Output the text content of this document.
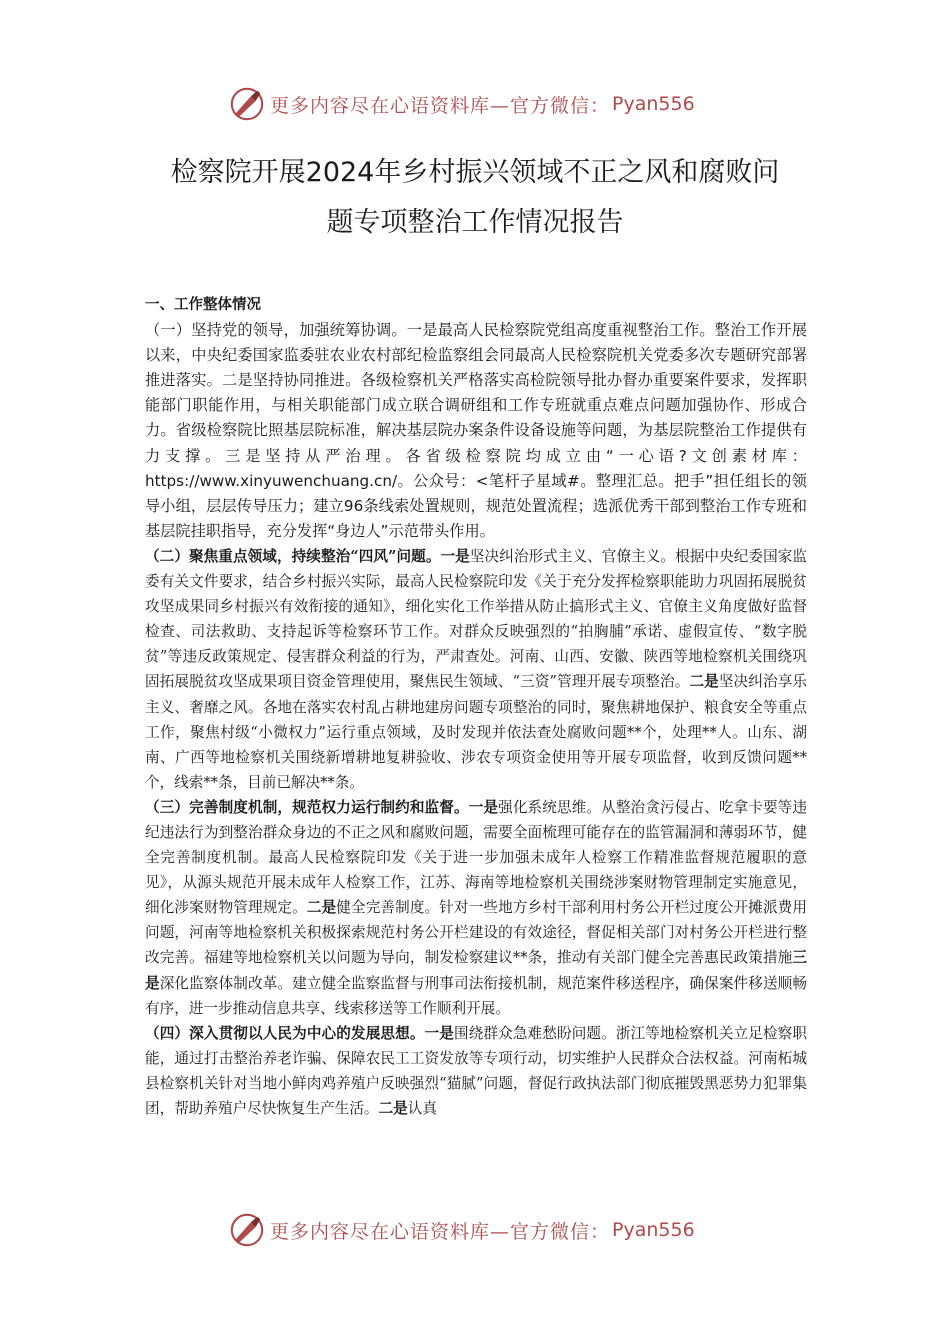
更多内容尽在心语资料库—官方微信： Pyan556
检察院开展2024年乡村振兴领域不正之风和腐败问
题专项整治工作情况报告

一、工作整体情况

（一）坚持党的领导，加强统筹协调。一是最高人民检察院党组高度重视整治工作。整治工作开展以来，中央纪委国家监委驻农业农村部纪检监察组会同最高人民检察院机关党委多次专题研究部署推进落实。二是坚持协同推进。各级检察机关严格落实高检院领导批办督办重要案件要求，发挥职能部门职能作用，与相关职能部门成立联合调研组和工作专班就重点难点问题加强协作、形成合力。省级检察院比照基层院标准，解决基层院办案条件设备设施等问题，为基层院整治工作提供有力支撑。三是坚持从严治理。各省级检察院均成立由“一心语?文创素材库：https://www.xinyuwenchuang.cn/。公众号：<笔杆子星域#。整理汇总。把手”担任组长的领导小组，层层传导压力；建立96条线索处置规则，规范处置流程；选派优秀干部到整治工作专班和基层院挂职指导，充分发挥“身边人”示范带头作用。

（二）聚焦重点领域，持续整治“四风”问题。一是坚决纠治形式主义、官僚主义。根据中央纪委国家监委有关文件要求，结合乡村振兴实际，最高人民检察院印发《关于充分发挥检察职能助力巩固拓展脱贫攻坚成果同乡村振兴有效衔接的通知》，细化实化工作举措从防止搞形式主义、官僚主义角度做好监督检查、司法救助、支持起诉等检察环节工作。对群众反映强烈的“拍胸脯”承诺、虚假宣传、“数字脱贫”等违反政策规定、侵害群众利益的行为，严肃查处。河南、山西、安徽、陕西等地检察机关围绕巩固拓展脱贫攻坚成果项目资金管理使用，聚焦民生领域、“三资”管理开展专项整治。二是坚决纠治享乐主义、奢靡之风。各地在落实农村乱占耕地建房问题专项整治的同时，聚焦耕地保护、粮食安全等重点工作，聚焦村级“小微权力”运行重点领域，及时发现并依法查处腐败问题**个，处理**人。山东、湖南、广西等地检察机关围绕新增耕地复耕验收、涉农专项资金使用等开展专项监督，收到反馈问题**个，线索**条，目前已解决**条。

（三）完善制度机制，规范权力运行制约和监督。一是强化系统思维。从整治贪污侵占、吃拿卡要等违纪违法行为到整治群众身边的不正之风和腐败问题，需要全面梳理可能存在的监管漏洞和薄弱环节，健全完善制度机制。最高人民检察院印发《关于进一步加强未成年人检察工作精准监督规范履职的意见》，从源头规范开展未成年人检察工作，江苏、海南等地检察机关围绕涉案财物管理制定实施意见，细化涉案财物管理规定。二是健全完善制度。针对一些地方乡村干部利用村务公开栏过度公开摊派费用问题，河南等地检察机关积极探索规范村务公开栏建设的有效途径，督促相关部门对村务公开栏进行整改完善。福建等地检察机关以问题为导向，制发检察建议**条，推动有关部门健全完善惠民政策措施三是深化监察体制改革。建立健全监察监督与刑事司法衔接机制，规范案件移送程序，确保案件移送顺畅有序，进一步推动信息共享、线索移送等工作顺利开展。

（四）深入贯彻以人民为中心的发展思想。一是围绕群众急难愁盼问题。浙江等地检察机关立足检察职能，通过打击整治养老诈骗、保障农民工工资发放等专项行动，切实维护人民群众合法权益。河南柘城县检察机关针对当地小鲜肉鸡养殖户反映强烈“猫腻”问题，督促行政执法部门彻底摧毁黑恶势力犯罪集团，帮助养殖户尽快恢复生产生活。二是认真

更多内容尽在心语资料库—官方微信： Pyan556
